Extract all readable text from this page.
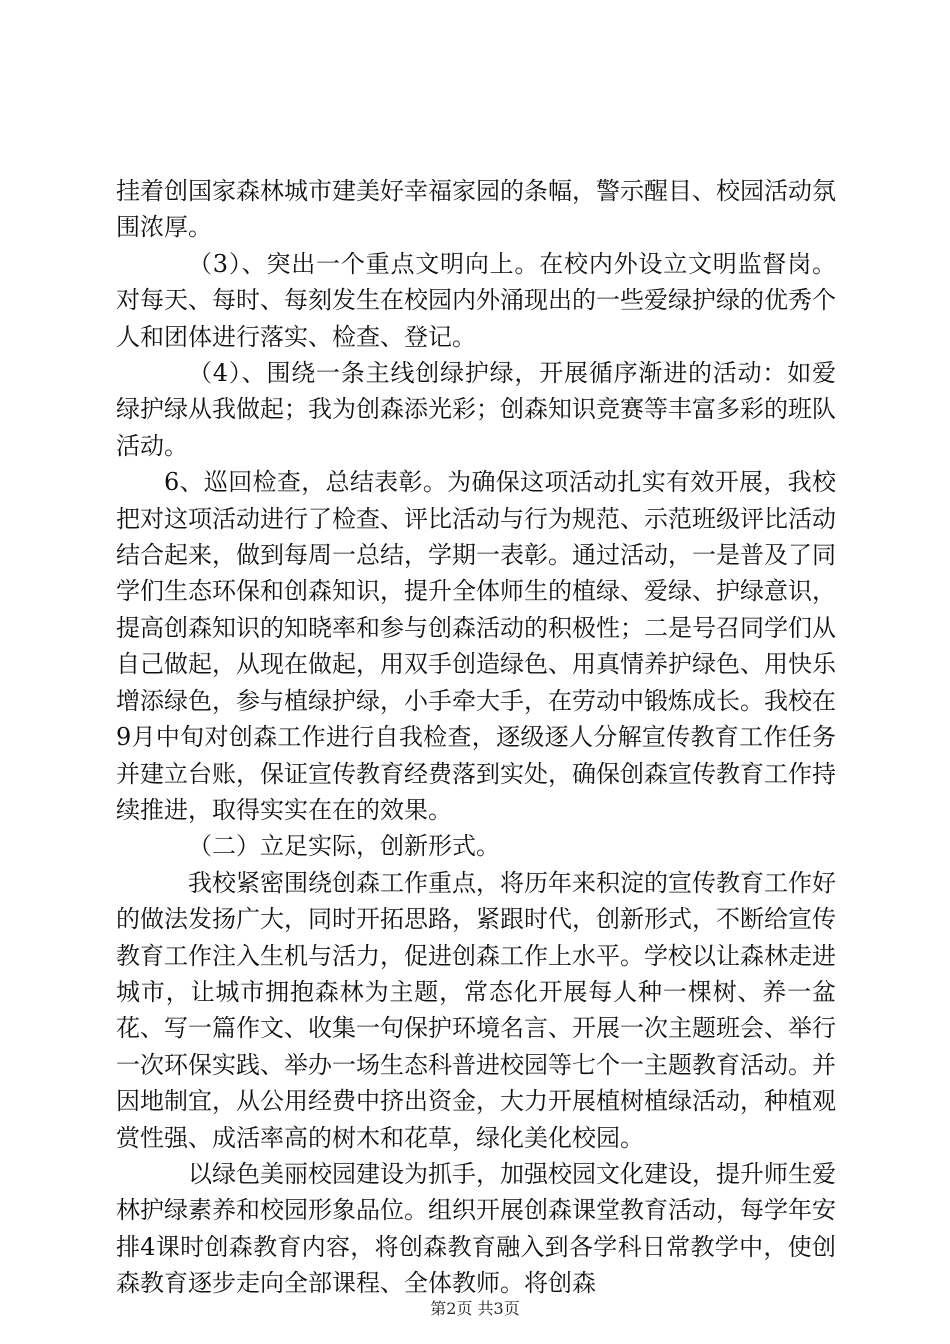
挂着创国家森林城市建美好幸福家园的条幅，警示醒目、校园活动氛围浓厚。

（3）、突出一个重点文明向上。在校内外设立文明监督岗。对每天、每时、每刻发生在校园内外涌现出的一些爱绿护绿的优秀个人和团体进行落实、检查、登记。

（4）、围绕一条主线创绿护绿，开展循序渐进的活动：如爱绿护绿从我做起；我为创森添光彩；创森知识竞赛等丰富多彩的班队活动。

6、巡回检查，总结表彰。为确保这项活动扎实有效开展，我校把对这项活动进行了检查、评比活动与行为规范、示范班级评比活动结合起来，做到每周一总结，学期一表彰。通过活动，一是普及了同学们生态环保和创森知识，提升全体师生的植绿、爱绿、护绿意识，提高创森知识的知晓率和参与创森活动的积极性；二是号召同学们从自己做起，从现在做起，用双手创造绿色、用真情养护绿色、用快乐增添绿色，参与植绿护绿，小手牵大手，在劳动中锻炼成长。我校在9月中旬对创森工作进行自我检查，逐级逐人分解宣传教育工作任务并建立台账，保证宣传教育经费落到实处，确保创森宣传教育工作持续推进，取得实实在在的效果。

（二）立足实际，创新形式。

我校紧密围绕创森工作重点，将历年来积淀的宣传教育工作好的做法发扬广大，同时开拓思路，紧跟时代，创新形式，不断给宣传教育工作注入生机与活力，促进创森工作上水平。学校以让森林走进城市，让城市拥抱森林为主题，常态化开展每人种一棵树、养一盆花、写一篇作文、收集一句保护环境名言、开展一次主题班会、举行一次环保实践、举办一场生态科普进校园等七个一主题教育活动。并因地制宜，从公用经费中挤出资金，大力开展植树植绿活动，种植观赏性强、成活率高的树木和花草，绿化美化校园。

以绿色美丽校园建设为抓手，加强校园文化建设，提升师生爱林护绿素养和校园形象品位。组织开展创森课堂教育活动，每学年安排4课时创森教育内容，将创森教育融入到各学科日常教学中，使创森教育逐步走向全部课程、全体教师。将创森

第2页 共3页
